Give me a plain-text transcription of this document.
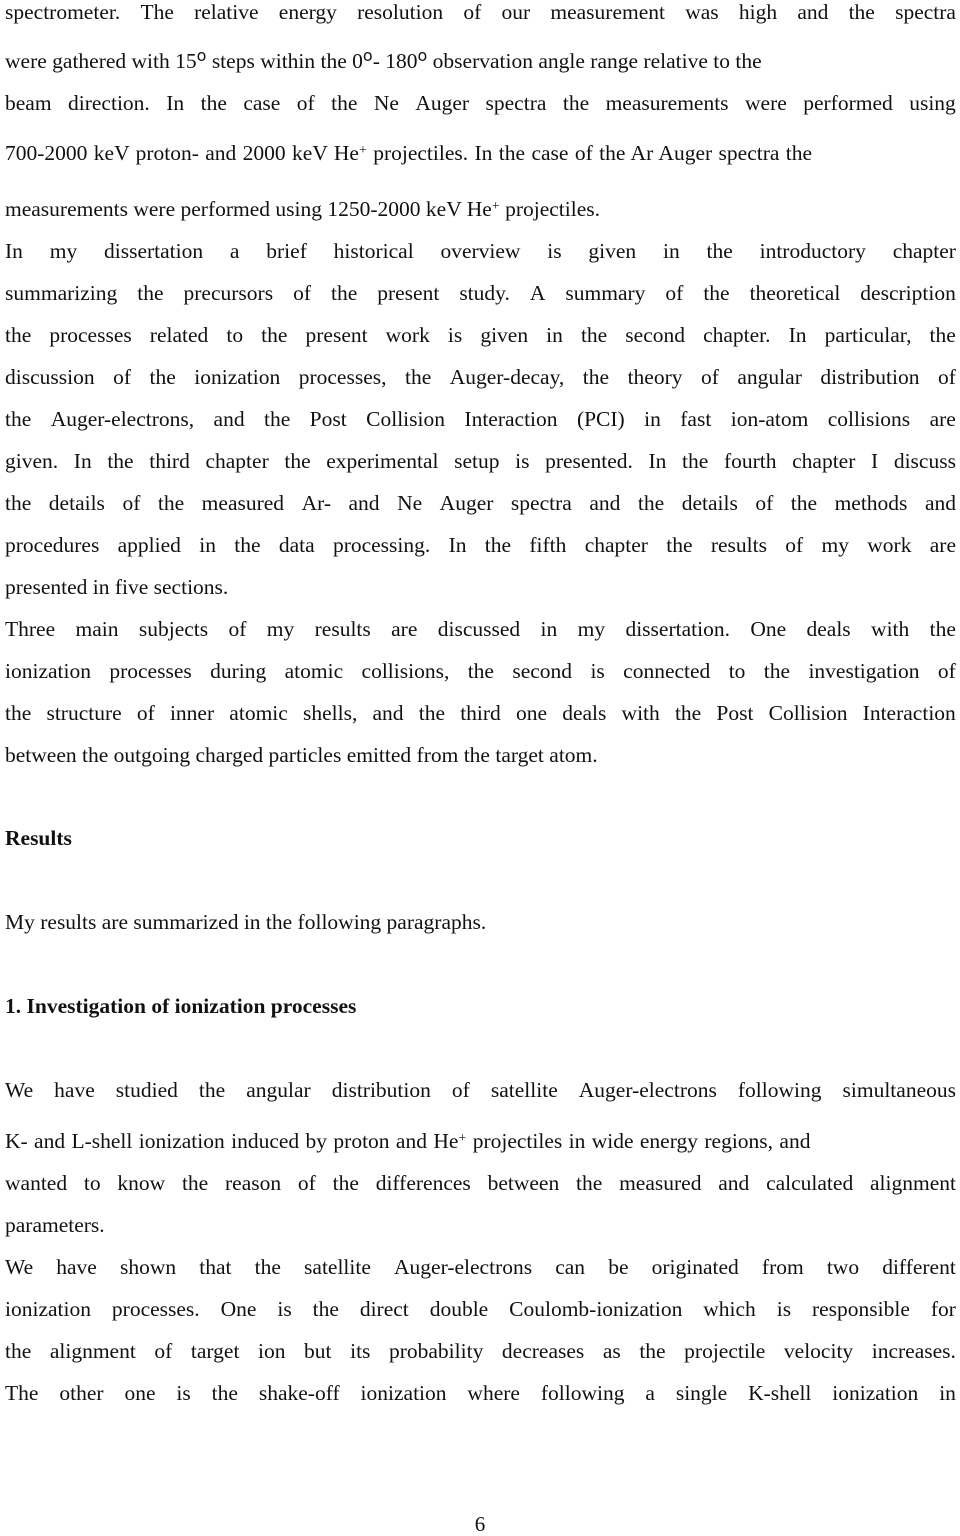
spectrometer. The relative energy resolution of our measurement was high and the spectra
were gathered with 15$^o$ steps within the 0$^o$- 180$^o$ observation angle range relative to the
beam direction. In the case of the Ne Auger spectra the measurements were performed using
700-2000 keV proton- and 2000 keV He+ projectiles. In the case of the Ar Auger spectra the
measurements were performed using 1250-2000 keV He+ projectiles.
In my dissertation a brief historical overview is given in the introductory chapter
summarizing the precursors of the present study. A summary of the theoretical description
the processes related to the present work is given in the second chapter. In particular, the
discussion of the ionization processes, the Auger-decay, the theory of angular distribution of
the Auger-electrons, and the Post Collision Interaction (PCI) in fast ion-atom collisions are
given. In the third chapter the experimental setup is presented. In the fourth chapter I discuss
the details of the measured Ar- and Ne Auger spectra and the details of the methods and
procedures applied in the data processing. In the fifth chapter the results of my work are
presented in five sections.
Three main subjects of my results are discussed in my dissertation. One deals with the
ionization processes during atomic collisions, the second is connected to the investigation of
the structure of inner atomic shells, and the third one deals with the Post Collision Interaction
between the outgoing charged particles emitted from the target atom.
Results
My results are summarized in the following paragraphs.
1. Investigation of ionization processes
We have studied the angular distribution of satellite Auger-electrons following simultaneous
K- and L-shell ionization induced by proton and He+ projectiles in wide energy regions, and
wanted to know the reason of the differences between the measured and calculated alignment
parameters.
We have shown that the satellite Auger-electrons can be originated from two different
ionization processes. One is the direct double Coulomb-ionization which is responsible for
the alignment of target ion but its probability decreases as the projectile velocity increases.
The other one is the shake-off ionization where following a single K-shell ionization in
6
